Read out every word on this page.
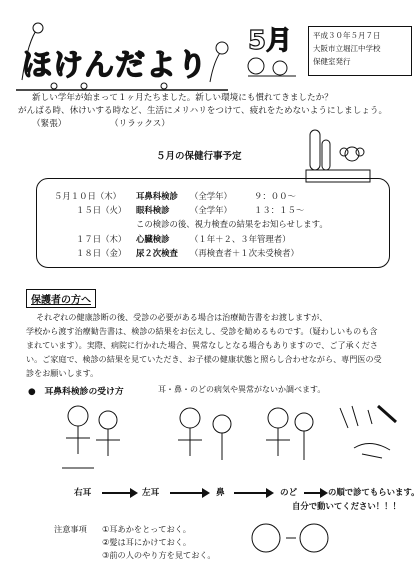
ほけんだより
5月	平成３０年５月７日
大阪市立堀江中学校
保健室発行
新しい学年が始まって１ヶ月たちました。新しい環境にも慣れてきましたか？
がんばる時、休けいする時など、生活にメリハリをつけて、疲れをためないようにしましょう。
（緊張）	（リラックス）
５月の保健行事予定
５月１０日（木） 耳鼻科検診 （全学年）	９：００～
１５日（火） 眼科検診 （全学年）	１３：１５～
この検診の後、視力検査の結果をお知らせします。
１７日（木） 心臓検診 （１年＋２、３年管理者）
１８日（金） 尿２次検査 （再検査者＋１次未受検者）
保護者の方へ
それぞれの健康診断の後、受診の必要がある場合は治療勧告書をお渡しますが、
学校から渡す治療勧告書は、検診の結果をお伝えし、受診を勧めるものです。（疑わしいものも含
まれています）。実際、病院に行かれた場合、異常なしとなる場合もありますので、ご了承くださ
い。ご家庭で、検診の結果を見ていただき、お子様の健康状態と照らし合わせながら、専門医の受
診をお願いします。
●　耳鼻科検診の受け方	耳・鼻・のどの病気や異常がないか調べます。
右耳	左耳	鼻	のど	の順で診てもらいます。
自分で動いてください！！！
注意事項 ①耳あかをとっておく。
②髪は耳にかけておく。
③前の人のやり方を見ておく。
